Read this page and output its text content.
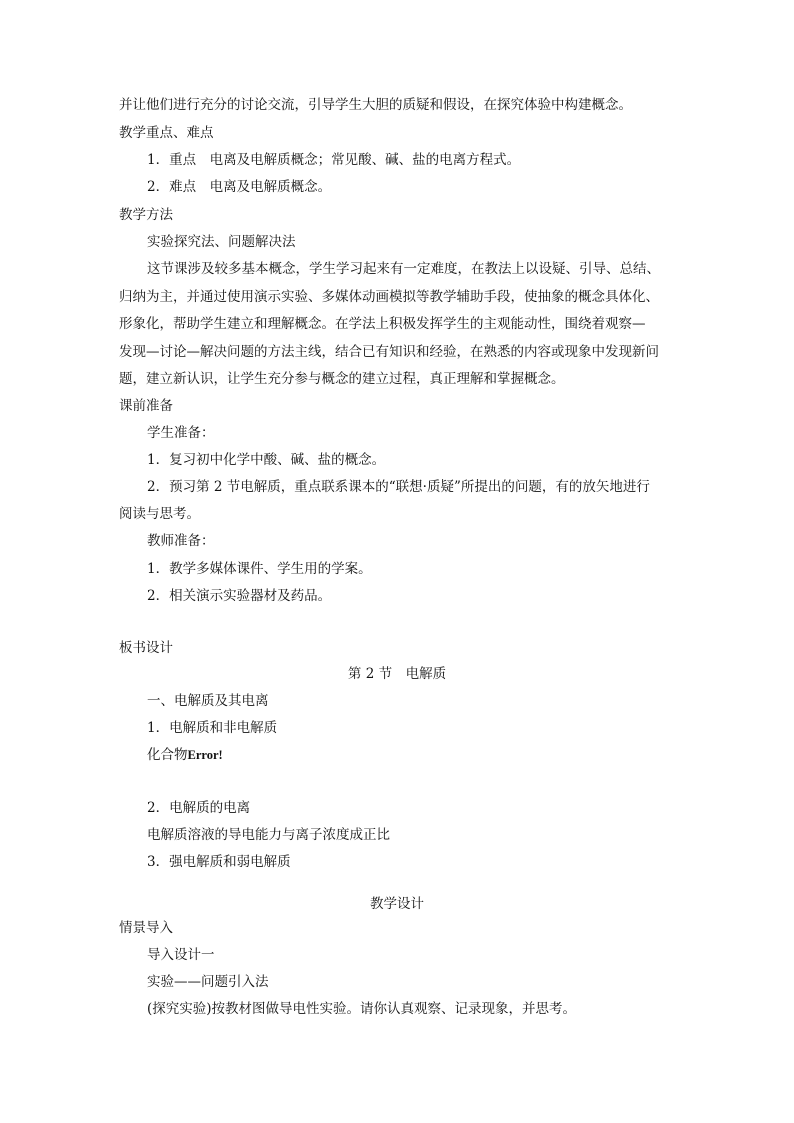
并让他们进行充分的讨论交流，引导学生大胆的质疑和假设，在探究体验中构建概念。
教学重点、难点
1．重点　电离及电解质概念；常见酸、碱、盐的电离方程式。
2．难点　电离及电解质概念。
教学方法
实验探究法、问题解决法
这节课涉及较多基本概念，学生学习起来有一定难度，在教法上以设疑、引导、总结、
归纳为主，并通过使用演示实验、多媒体动画模拟等教学辅助手段，使抽象的概念具体化、
形象化，帮助学生建立和理解概念。在学法上积极发挥学生的主观能动性，围绕着观察—
发现—讨论—解决问题的方法主线，结合已有知识和经验，在熟悉的内容或现象中发现新问
题，建立新认识，让学生充分参与概念的建立过程，真正理解和掌握概念。
课前准备
学生准备：
1．复习初中化学中酸、碱、盐的概念。
2．预习第 2 节电解质，重点联系课本的“联想·质疑”所提出的问题，有的放矢地进行
阅读与思考。
教师准备：
1．教学多媒体课件、学生用的学案。
2．相关演示实验器材及药品。
板书设计
第 2 节　电解质
一、电解质及其电离
1．电解质和非电解质
化合物Error!
2．电解质的电离
电解质溶液的导电能力与离子浓度成正比
3．强电解质和弱电解质
教学设计
情景导入
导入设计一
实验——问题引入法
(探究实验)按教材图做导电性实验。请你认真观察、记录现象，并思考。
